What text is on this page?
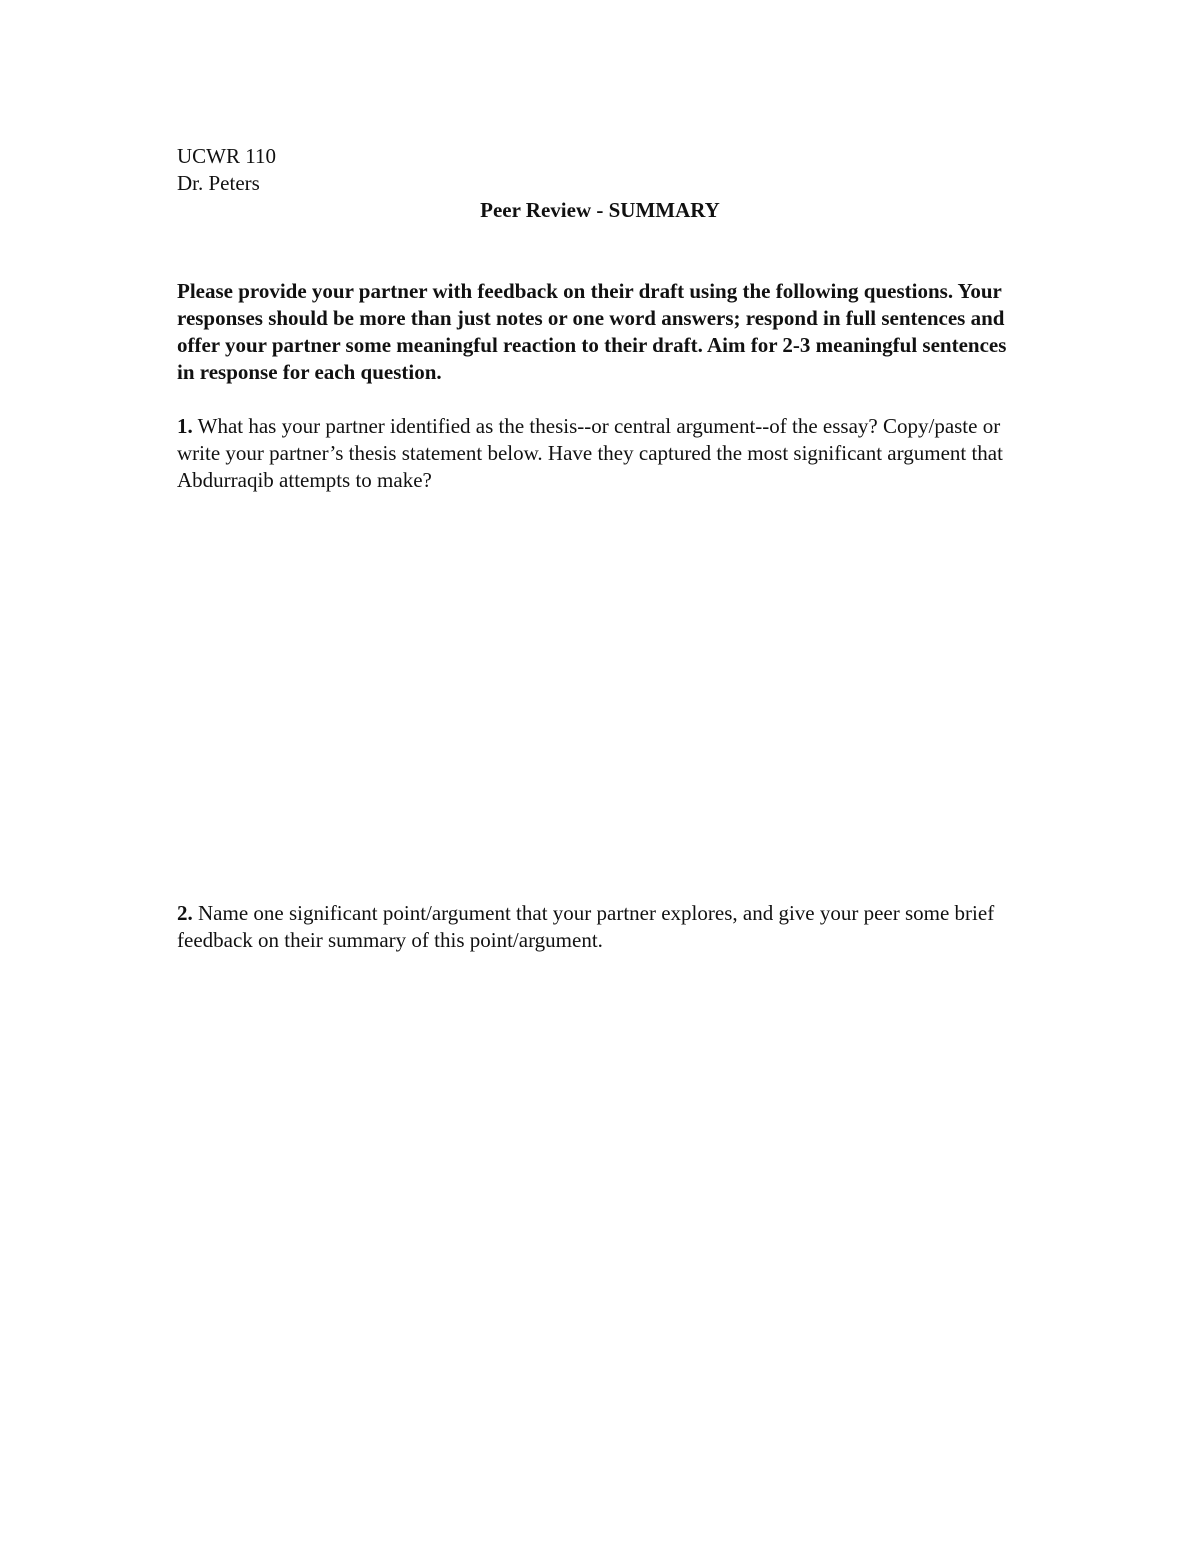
UCWR 110
Dr. Peters
Peer Review - SUMMARY
Please provide your partner with feedback on their draft using the following questions. Your responses should be more than just notes or one word answers; respond in full sentences and offer your partner some meaningful reaction to their draft. Aim for 2-3 meaningful sentences in response for each question.
1. What has your partner identified as the thesis--or central argument--of the essay? Copy/paste or write your partner’s thesis statement below. Have they captured the most significant argument that Abdurraqib attempts to make?
2. Name one significant point/argument that your partner explores, and give your peer some brief feedback on their summary of this point/argument.
